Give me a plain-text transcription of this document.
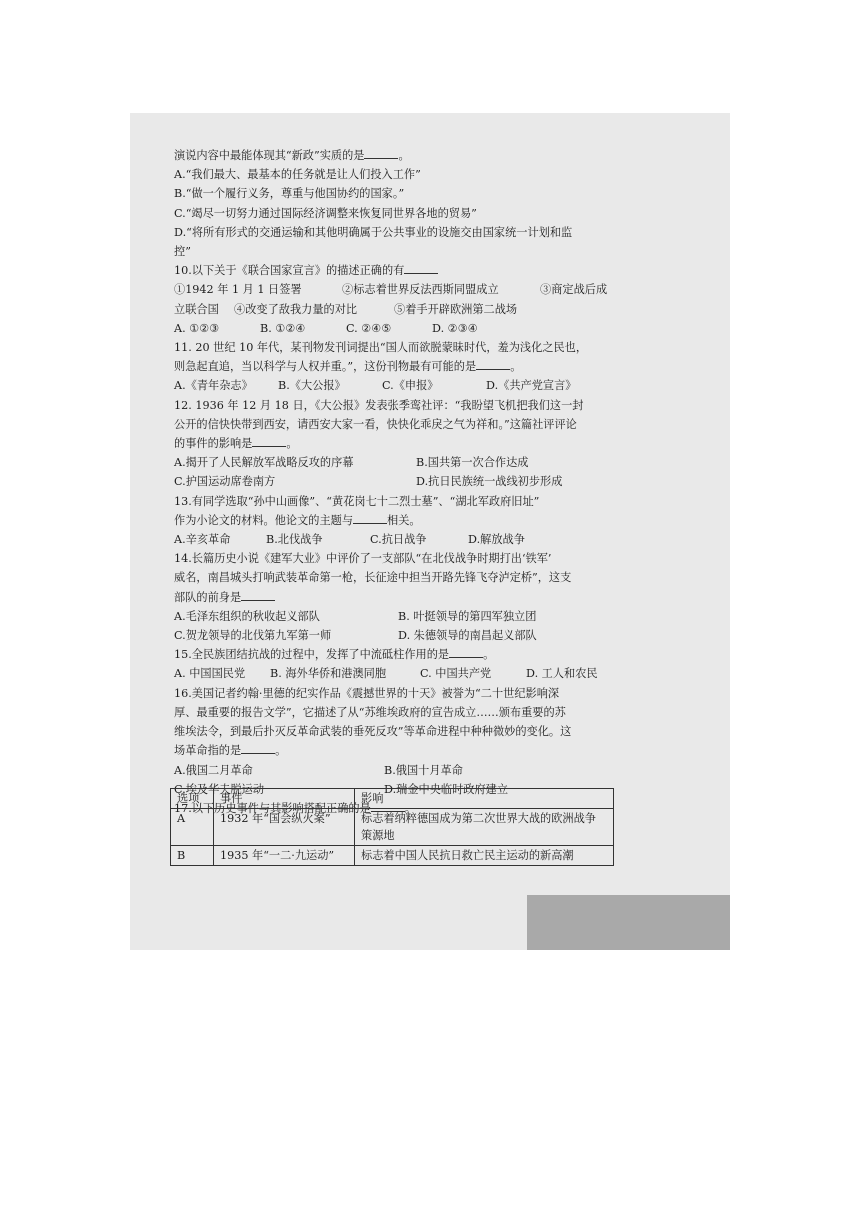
演说内容中最能体现其“新政”实质的是	。
A.“我们最大、最基本的任务就是让人们投入工作”
B.“做一个履行义务，尊重与他国协约的国家。”
C.“竭尽一切努力通过国际经济调整来恢复同世界各地的贸易”
D.“将所有形式的交通运输和其他明确属于公共事业的设施交由国家统一计划和监
控”
10.以下关于《联合国家宣言》的描述正确的有
①1942 年 1 月 1 日签署	②标志着世界反法西斯同盟成立	③商定战后成
立联合国	④改变了敌我力量的对比	⑤着手开辟欧洲第二战场
A. ①②③	B. ①②④	C. ②④⑤	D. ②③④
11. 20 世纪 10 年代，某刊物发刊词提出“国人而欲脱蒙昧时代，羞为浅化之民也，
则急起直追，当以科学与人权并重。”，这份刊物最有可能的是	。
A.《青年杂志》	B.《大公报》	C.《申报》	D.《共产党宣言》
12. 1936 年 12 月 18 日，《大公报》发表张季鸾社评：“我盼望飞机把我们这一封
公开的信快快带到西安，请西安大家一看，快快化乖戾之气为祥和。”这篇社评评论
的事件的影响是	。
A.揭开了人民解放军战略反攻的序幕	B.国共第一次合作达成
C.护国运动席卷南方	D.抗日民族统一战线初步形成
13.有同学选取“孙中山画像”、“黄花岗七十二烈士墓”、“湖北军政府旧址”
作为小论文的材料。他论文的主题与	相关。
A.辛亥革命	B.北伐战争	C.抗日战争	D.解放战争
14.长篇历史小说《建军大业》中评价了一支部队“在北伐战争时期打出‘铁军’
威名，南昌城头打响武装革命第一枪，长征途中担当开路先锋飞夺泸定桥”，这支
部队的前身是
A.毛泽东组织的秋收起义部队	B. 叶挺领导的第四军独立团
C.贺龙领导的北伐第九军第一师	D. 朱德领导的南昌起义部队
15.全民族团结抗战的过程中，发挥了中流砥柱作用的是	。
A. 中国国民党	B. 海外华侨和港澳同胞	C. 中国共产党	D. 工人和农民
16.美国记者约翰·里德的纪实作品《震撼世界的十天》被誉为“二十世纪影响深
厚、最重要的报告文学”，它描述了从“苏维埃政府的宣告成立……颁布重要的苏
维埃法令，到最后扑灭反革命武装的垂死反攻”等革命进程中种种微妙的变化。这
场革命指的是	。
A.俄国二月革命	B.俄国十月革命
C.埃及华夫脱运动	D.瑞金中央临时政府建立
17.以下历史事件与其影响搭配正确的是	。
选项	事件	影响
A	1932 年“国会纵火案”	标志着纳粹德国成为第二次世界大战的欧洲战争策源地
B	1935 年“一二·九运动”	标志着中国人民抗日救亡民主运动的新高潮
